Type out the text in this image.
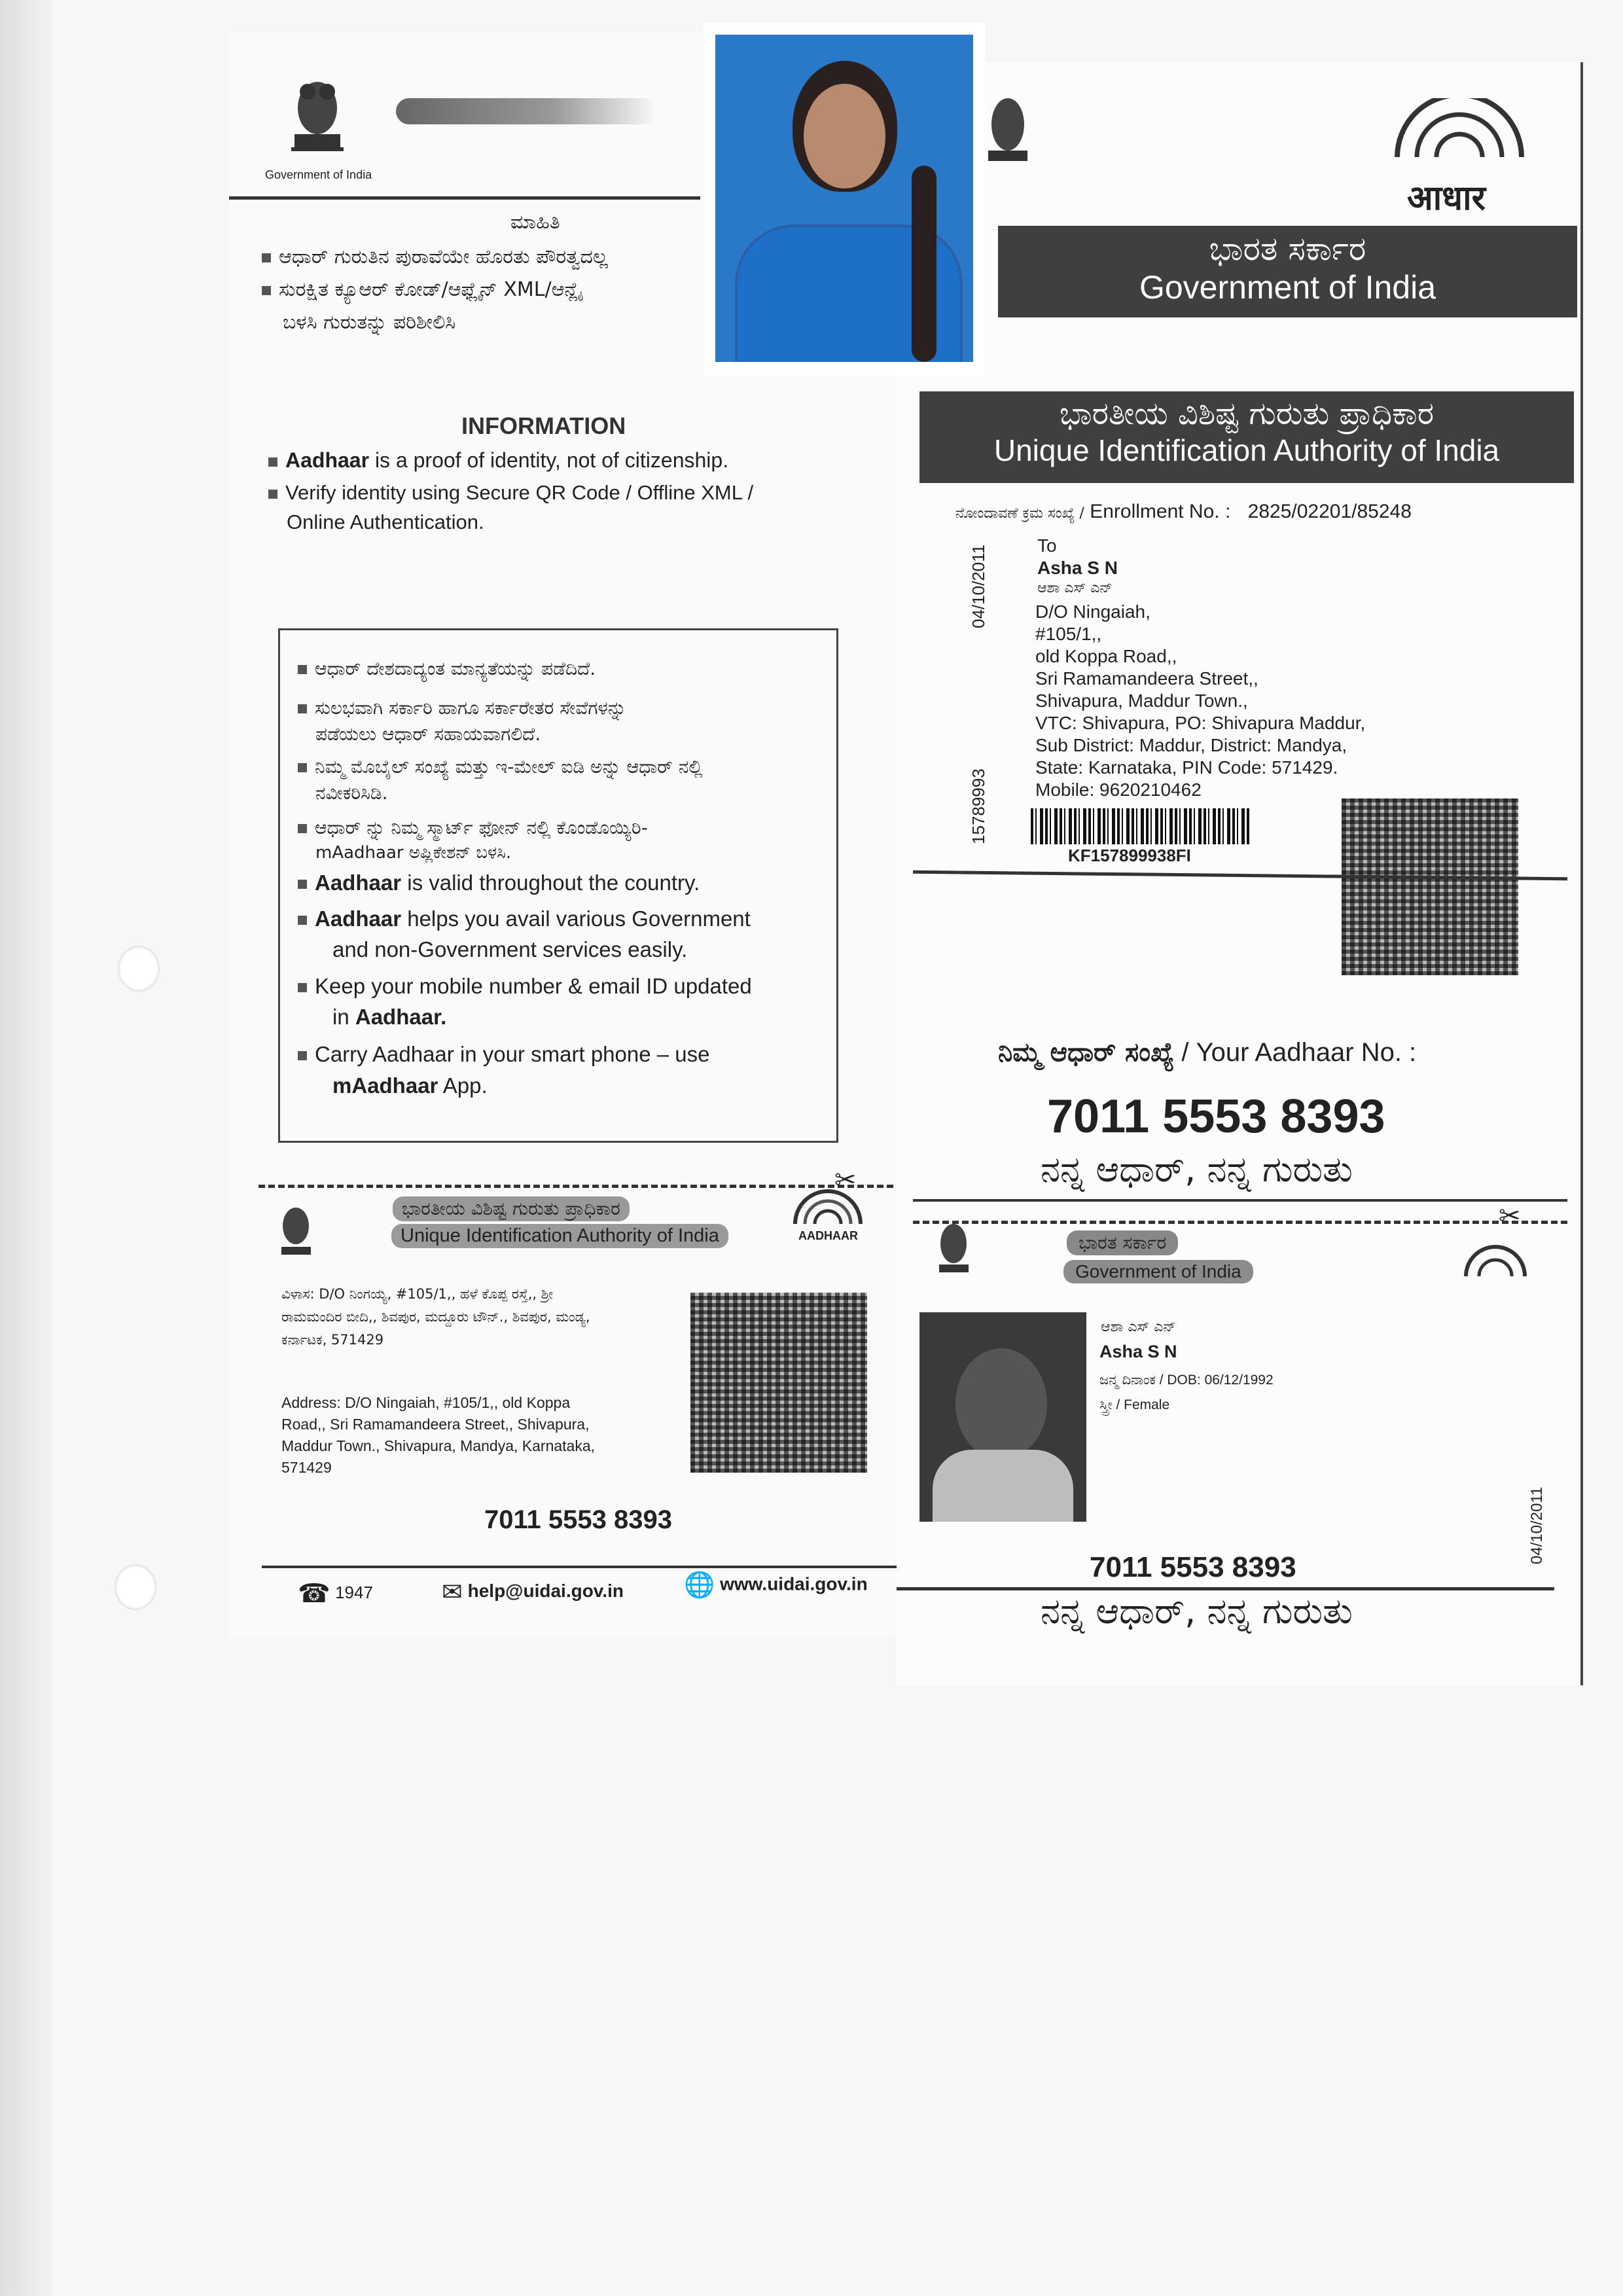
Government of India
ಮಾಹಿತಿ
ಆಧಾರ್ ಗುರುತಿನ ಪುರಾವೆಯೇ ಹೊರತು ಪೌರತ್ವದಲ್ಲ
ಸುರಕ್ಷಿತ ಕ್ಯೂಆರ್ ಕೋಡ್/ಆಫ್ಲೈನ್ XML/ಆನ್ಲೈ
ಬಳಸಿ ಗುರುತನ್ನು ಪರಿಶೀಲಿಸಿ
INFORMATION
Aadhaar is a proof of identity, not of citizenship.
Verify identity using Secure QR Code / Offline XML /
Online Authentication.
ಆಧಾರ್ ದೇಶದಾದ್ಯಂತ ಮಾನ್ಯತೆಯನ್ನು ಪಡೆದಿದೆ.
ಸುಲಭವಾಗಿ ಸರ್ಕಾರಿ ಹಾಗೂ ಸರ್ಕಾರೇತರ ಸೇವೆಗಳನ್ನು
ಪಡೆಯಲು ಆಧಾರ್ ಸಹಾಯವಾಗಲಿದೆ.
ನಿಮ್ಮ ಮೊಬೈಲ್ ಸಂಖ್ಯೆ ಮತ್ತು ಇ-ಮೇಲ್ ಐಡಿ ಅನ್ನು ಆಧಾರ್ ನಲ್ಲಿ
ನವೀಕರಿಸಿಡಿ.
ಆಧಾರ್ ನ್ನು ನಿಮ್ಮ ಸ್ಮಾರ್ಟ್ ಫೋನ್ ನಲ್ಲಿ ಕೊಂಡೊಯ್ಯಿರಿ-
mAadhaar ಅಪ್ಲಿಕೇಶನ್ ಬಳಸಿ.
Aadhaar is valid throughout the country.
Aadhaar helps you avail various Government
and non-Government services easily.
Keep your mobile number & email ID updated
in Aadhaar.
Carry Aadhaar in your smart phone – use
mAadhaar App.
✂
ಭಾರತೀಯ ವಿಶಿಷ್ಟ ಗುರುತು ಪ್ರಾಧಿಕಾರ
Unique Identification Authority of India	AADHAAR
ವಿಳಾಸ: D/O ನಿಂಗಯ್ಯ, #105/1,, ಹಳೆ ಕೊಪ್ಪ ರಸ್ತೆ,, ಶ್ರೀ
ರಾಮಮಂದಿರ ಬೀದಿ,, ಶಿವಪುರ, ಮದ್ದೂರು ಟೌನ್., ಶಿವಪುರ, ಮಂಡ್ಯ,
ಕರ್ನಾಟಕ, 571429
Address: D/O Ningaiah, #105/1,, old Koppa
Road,, Sri Ramamandeera Street,, Shivapura,
Maddur Town., Shivapura, Mandya, Karnataka,
571429
7011 5553 8393
☎ 1947	✉ help@uidai.gov.in 🌐 www.uidai.gov.in
आधार
ಭಾರತ ಸರ್ಕಾರ
Government of India
ಭಾರತೀಯ ವಿಶಿಷ್ಟ ಗುರುತು ಪ್ರಾಧಿಕಾರ
Unique Identification Authority of India
ನೋಂದಾವಣೆ ಕ್ರಮ ಸಂಖ್ಯೆ / Enrollment No. : 2825/02201/85248
To
Asha S N
ಆಶಾ ಎಸ್ ಎನ್
D/O Ningaiah,
#105/1,,
old Koppa Road,,
Sri Ramamandeera Street,,
Shivapura, Maddur Town.,
VTC: Shivapura, PO: Shivapura Maddur,
Sub District: Maddur, District: Mandya,
State: Karnataka, PIN Code: 571429.
Mobile: 9620210462
04/10/2011
15789993
KF157899938FI
ನಿಮ್ಮ ಆಧಾರ್ ಸಂಖ್ಯೆ / Your Aadhaar No. :
7011 5553 8393
ನನ್ನ ಆಧಾರ್, ನನ್ನ ಗುರುತು
✂
ಭಾರತ ಸರ್ಕಾರ
Government of India
ಆಶಾ ಎಸ್ ಎನ್
Asha S N
ಜನ್ಮ ದಿನಾಂಕ / DOB: 06/12/1992
ಸ್ತ್ರೀ / Female
04/10/2011
7011 5553 8393
ನನ್ನ ಆಧಾರ್, ನನ್ನ ಗುರುತು
